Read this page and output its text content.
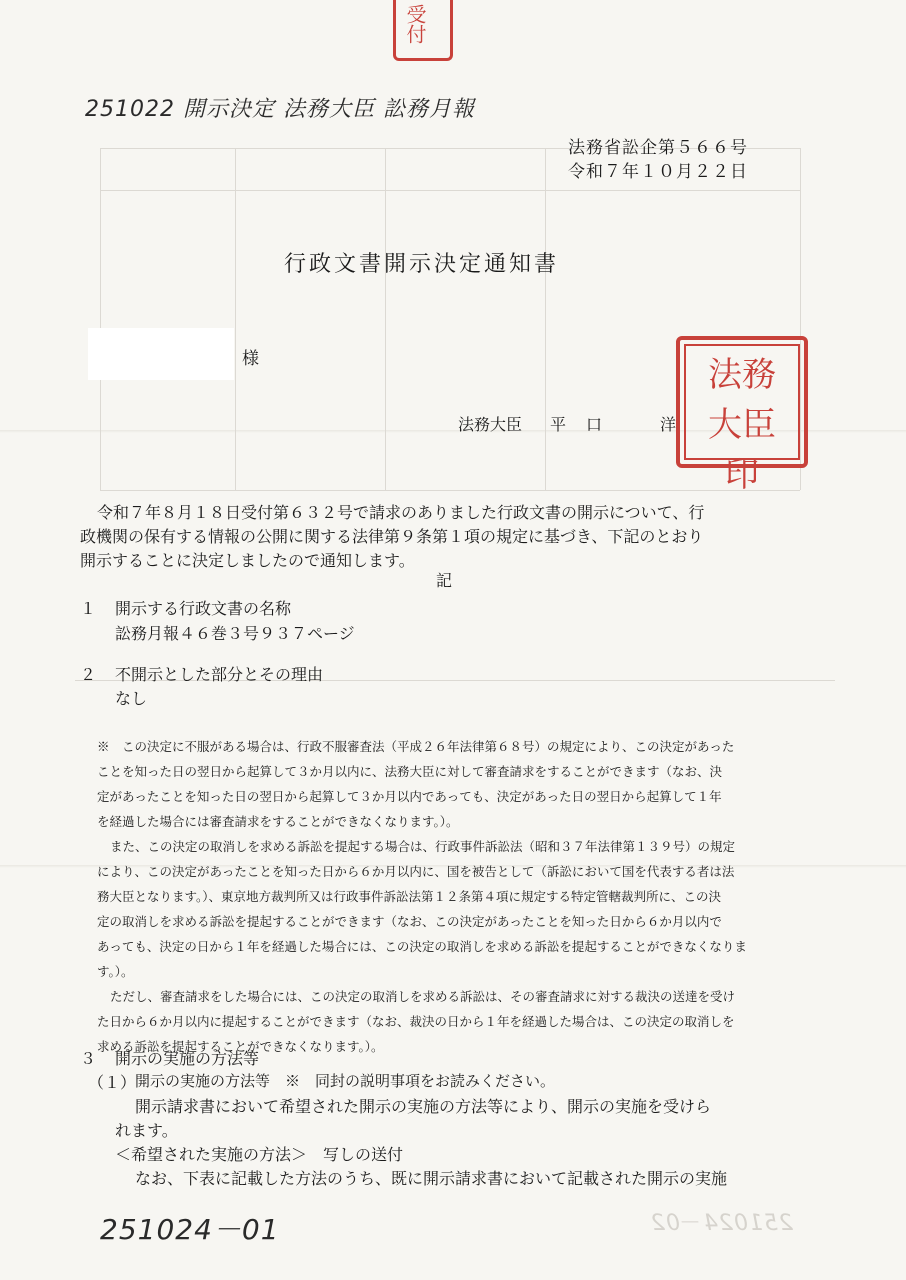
受付
251022 開示決定 法務大臣 訟務月報
法務省訟企第５６６号
令和７年１０月２２日
行政文書開示決定通知書
様
法務大臣 平 口	洋
法務大臣印
令和７年８月１８日受付第６３２号で請求のありました行政文書の開示について、行
政機関の保有する情報の公開に関する法律第９条第１項の規定に基づき、下記のとおり
開示することに決定しましたので通知します。
記
１ 開示する行政文書の名称
訟務月報４６巻３号９３７ページ
２ 不開示とした部分とその理由
なし
※　この決定に不服がある場合は、行政不服審査法（平成２６年法律第６８号）の規定により、この決定があった
ことを知った日の翌日から起算して３か月以内に、法務大臣に対して審査請求をすることができます（なお、決
定があったことを知った日の翌日から起算して３か月以内であっても、決定があった日の翌日から起算して１年
を経過した場合には審査請求をすることができなくなります。）。
また、この決定の取消しを求める訴訟を提起する場合は、行政事件訴訟法（昭和３７年法律第１３９号）の規定
により、この決定があったことを知った日から６か月以内に、国を被告として（訴訟において国を代表する者は法
務大臣となります。）、東京地方裁判所又は行政事件訴訟法第１２条第４項に規定する特定管轄裁判所に、この決
定の取消しを求める訴訟を提起することができます（なお、この決定があったことを知った日から６か月以内で
あっても、決定の日から１年を経過した場合には、この決定の取消しを求める訴訟を提起することができなくなりま
す。）。
ただし、審査請求をした場合には、この決定の取消しを求める訴訟は、その審査請求に対する裁決の送達を受け
た日から６か月以内に提起することができます（なお、裁決の日から１年を経過した場合は、この決定の取消しを
求める訴訟を提起することができなくなります。）。
３ 開示の実施の方法等
（１）
開示の実施の方法等　※　同封の説明事項をお読みください。
開示請求書において希望された開示の実施の方法等により、開示の実施を受けら
れます。
＜希望された実施の方法＞　写しの送付
なお、下表に記載した方法のうち、既に開示請求書において記載された開示の実施
251024－01	251024－02
